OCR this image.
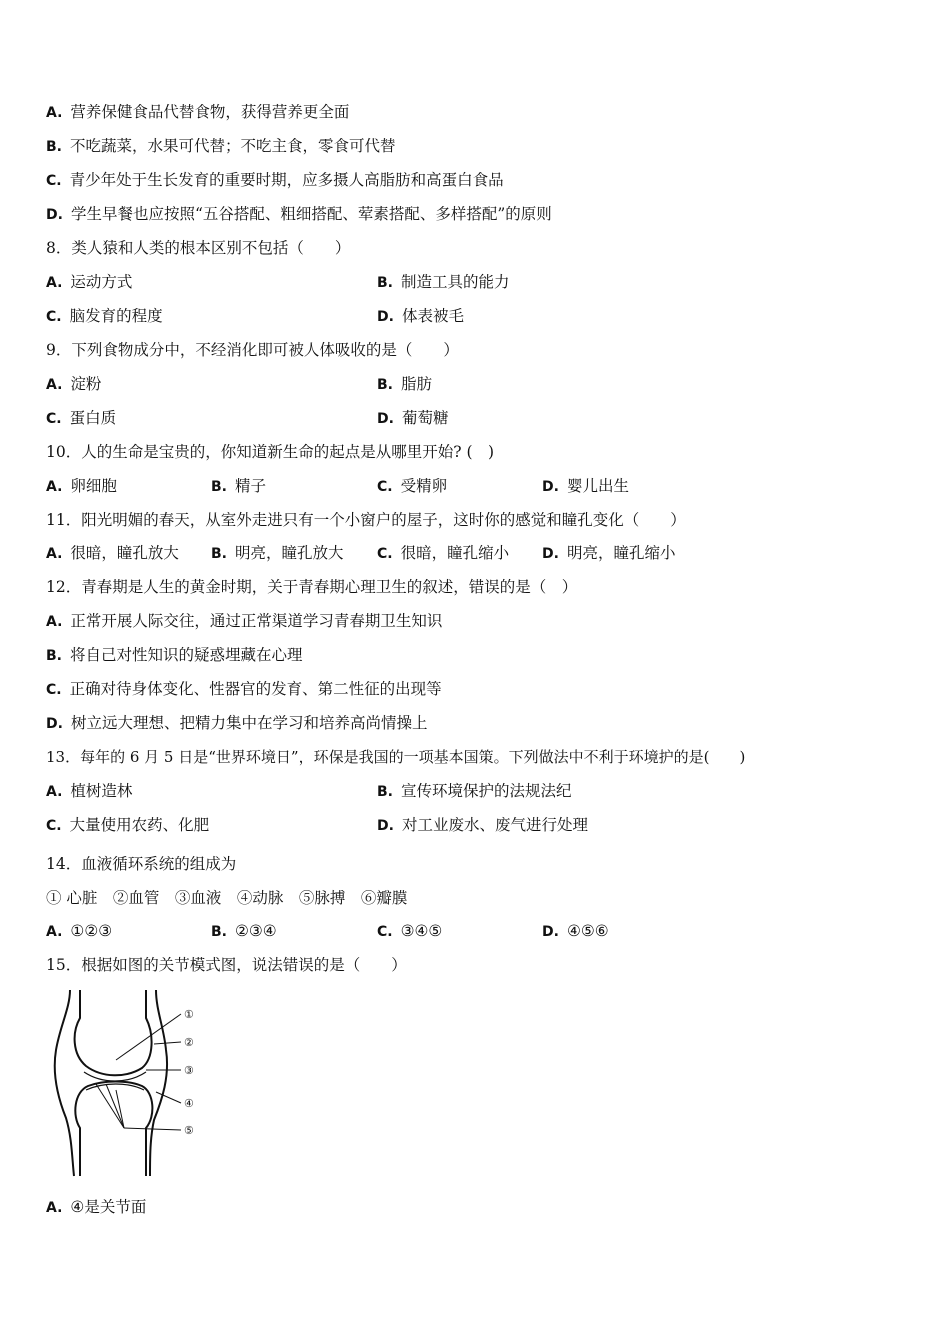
A. 营养保健食品代替食物，获得营养更全面
B. 不吃蔬菜，水果可代替；不吃主食，零食可代替
C. 青少年处于生长发育的重要时期，应多摄人高脂肪和高蛋白食品
D. 学生早餐也应按照“五谷搭配、粗细搭配、荤素搭配、多样搭配”的原则
8．类人猿和人类的根本区别不包括（　　）
A. 运动方式	B. 制造工具的能力
C. 脑发育的程度	D. 体表被毛
9．下列食物成分中，不经消化即可被人体吸收的是（　　）
A. 淀粉	B. 脂肪
C. 蛋白质	D. 葡萄糖
10．人的生命是宝贵的，你知道新生命的起点是从哪里开始? (　)
A. 卵细胞	B. 精子	C. 受精卵	D. 婴儿出生
11．阳光明媚的春天，从室外走进只有一个小窗户的屋子，这时你的感觉和瞳孔变化（　　）
A. 很暗，瞳孔放大 B. 明亮，瞳孔放大 C. 很暗，瞳孔缩小 D. 明亮，瞳孔缩小
12．青春期是人生的黄金时期，关于青春期心理卫生的叙述，错误的是（　）
A. 正常开展人际交往，通过正常渠道学习青春期卫生知识
B. 将自己对性知识的疑惑埋藏在心理
C. 正确对待身体变化、性器官的发育、第二性征的出现等
D. 树立远大理想、把精力集中在学习和培养高尚情操上
13．每年的 6 月 5 日是“世界环境日”，环保是我国的一项基本国策。下列做法中不利于环境护的是(　　)
A. 植树造林	B. 宣传环境保护的法规法纪
C. 大量使用农药、化肥	D. 对工业废水、废气进行处理
14．血液循环系统的组成为
① 心脏　②血管　③血液　④动脉　⑤脉搏　⑥瓣膜
A. ①②③	B. ②③④	C. ③④⑤	D. ④⑤⑥
15．根据如图的关节模式图，说法错误的是（　　）
①
②
③
④
⑤
A. ④是关节面
